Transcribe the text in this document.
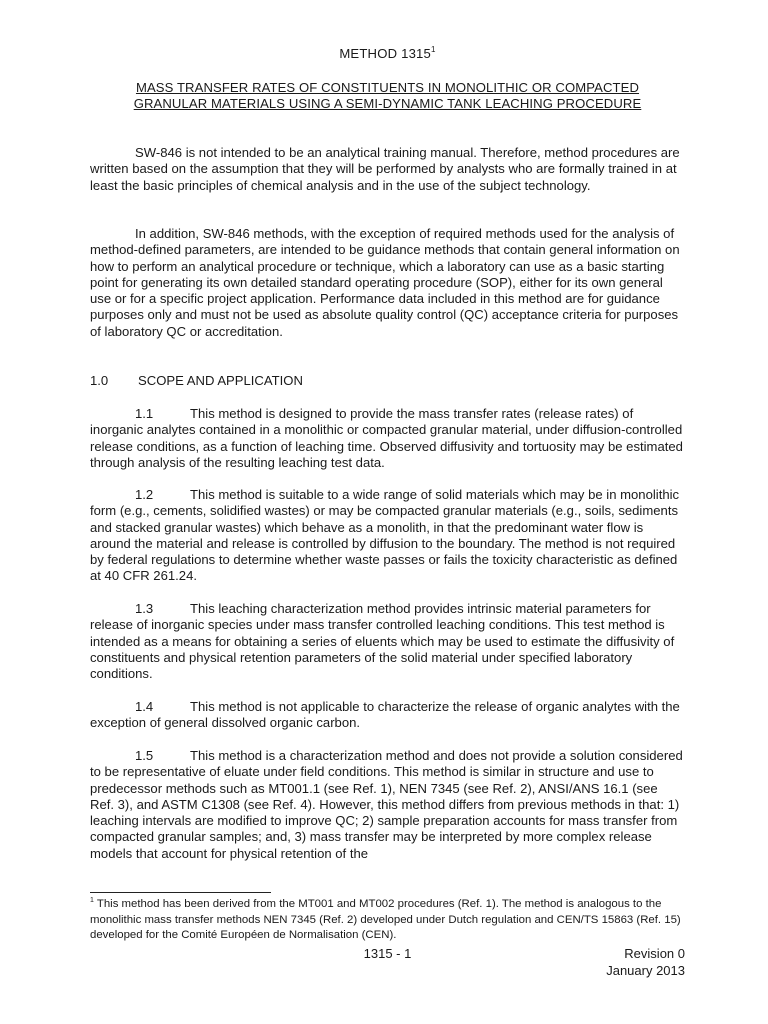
METHOD 1315$^1$
MASS TRANSFER RATES OF CONSTITUENTS IN MONOLITHIC OR COMPACTED
GRANULAR MATERIALS USING A SEMI-DYNAMIC TANK LEACHING PROCEDURE
SW-846 is not intended to be an analytical training manual. Therefore, method procedures are written based on the assumption that they will be performed by analysts who are formally trained in at least the basic principles of chemical analysis and in the use of the subject technology.
In addition, SW-846 methods, with the exception of required methods used for the analysis of method-defined parameters, are intended to be guidance methods that contain general information on how to perform an analytical procedure or technique, which a laboratory can use as a basic starting point for generating its own detailed standard operating procedure (SOP), either for its own general use or for a specific project application. Performance data included in this method are for guidance purposes only and must not be used as absolute quality control (QC) acceptance criteria for purposes of laboratory QC or accreditation.
1.0 SCOPE AND APPLICATION
1.1	This method is designed to provide the mass transfer rates (release rates) of inorganic analytes contained in a monolithic or compacted granular material, under diffusion-controlled release conditions, as a function of leaching time. Observed diffusivity and tortuosity may be estimated through analysis of the resulting leaching test data.
1.2	This method is suitable to a wide range of solid materials which may be in monolithic form (e.g., cements, solidified wastes) or may be compacted granular materials (e.g., soils, sediments and stacked granular wastes) which behave as a monolith, in that the predominant water flow is around the material and release is controlled by diffusion to the boundary. The method is not required by federal regulations to determine whether waste passes or fails the toxicity characteristic as defined at 40 CFR 261.24.
1.3	This leaching characterization method provides intrinsic material parameters for release of inorganic species under mass transfer controlled leaching conditions. This test method is intended as a means for obtaining a series of eluents which may be used to estimate the diffusivity of constituents and physical retention parameters of the solid material under specified laboratory conditions.
1.4	This method is not applicable to characterize the release of organic analytes with the exception of general dissolved organic carbon.
1.5	This method is a characterization method and does not provide a solution considered to be representative of eluate under field conditions. This method is similar in structure and use to predecessor methods such as MT001.1 (see Ref. 1), NEN 7345 (see Ref. 2), ANSI/ANS 16.1 (see Ref. 3), and ASTM C1308 (see Ref. 4). However, this method differs from previous methods in that: 1) leaching intervals are modified to improve QC; 2) sample preparation accounts for mass transfer from compacted granular samples; and, 3) mass transfer may be interpreted by more complex release models that account for physical retention of the
$^1$ This method has been derived from the MT001 and MT002 procedures (Ref. 1). The method is analogous to the monolithic mass transfer methods NEN 7345 (Ref. 2) developed under Dutch regulation and CEN/TS 15863 (Ref. 15) developed for the Comité Européen de Normalisation (CEN).
1315 - 1	Revision 0
January 2013
